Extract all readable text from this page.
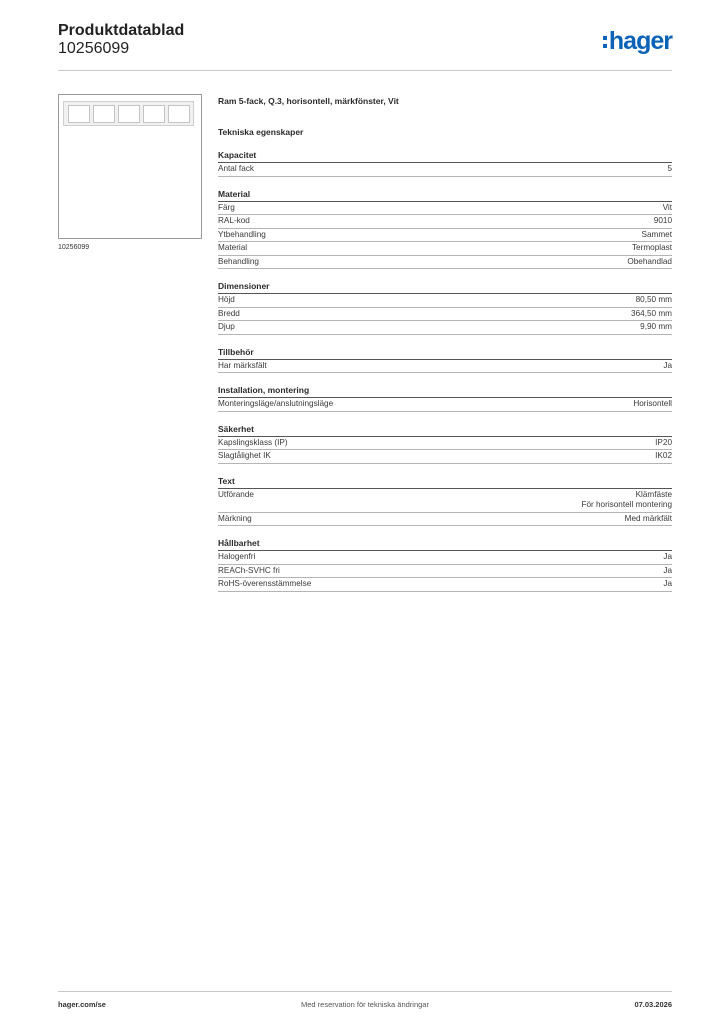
Produktdatablad
10256099	hager
10256099
Ram 5-fack, Q.3, horisontell, märkfönster, Vit
Tekniska egenskaper
Kapacitet
Antal fack	5
Material
Färg	Vit
RAL-kod	9010
Ytbehandling	Sammet
Material	Termoplast
Behandling	Obehandlad
Dimensioner
Höjd	80,50 mm
Bredd	364,50 mm
Djup	9,90 mm
Tillbehör
Har märksfält	Ja
Installation, montering
Monteringsläge/anslutningsläge	Horisontell
Säkerhet
Kapslingsklass (IP)	IP20
Slagtålighet IK	IK02
Text
Utförande	Klämfäste
För horisontell montering
Märkning	Med märkfält
Hållbarhet
Halogenfri	Ja
REACh-SVHC fri	Ja
RoHS-överensstämmelse	Ja
hager.com/se	Med reservation för tekniska ändringar	07.03.2026
